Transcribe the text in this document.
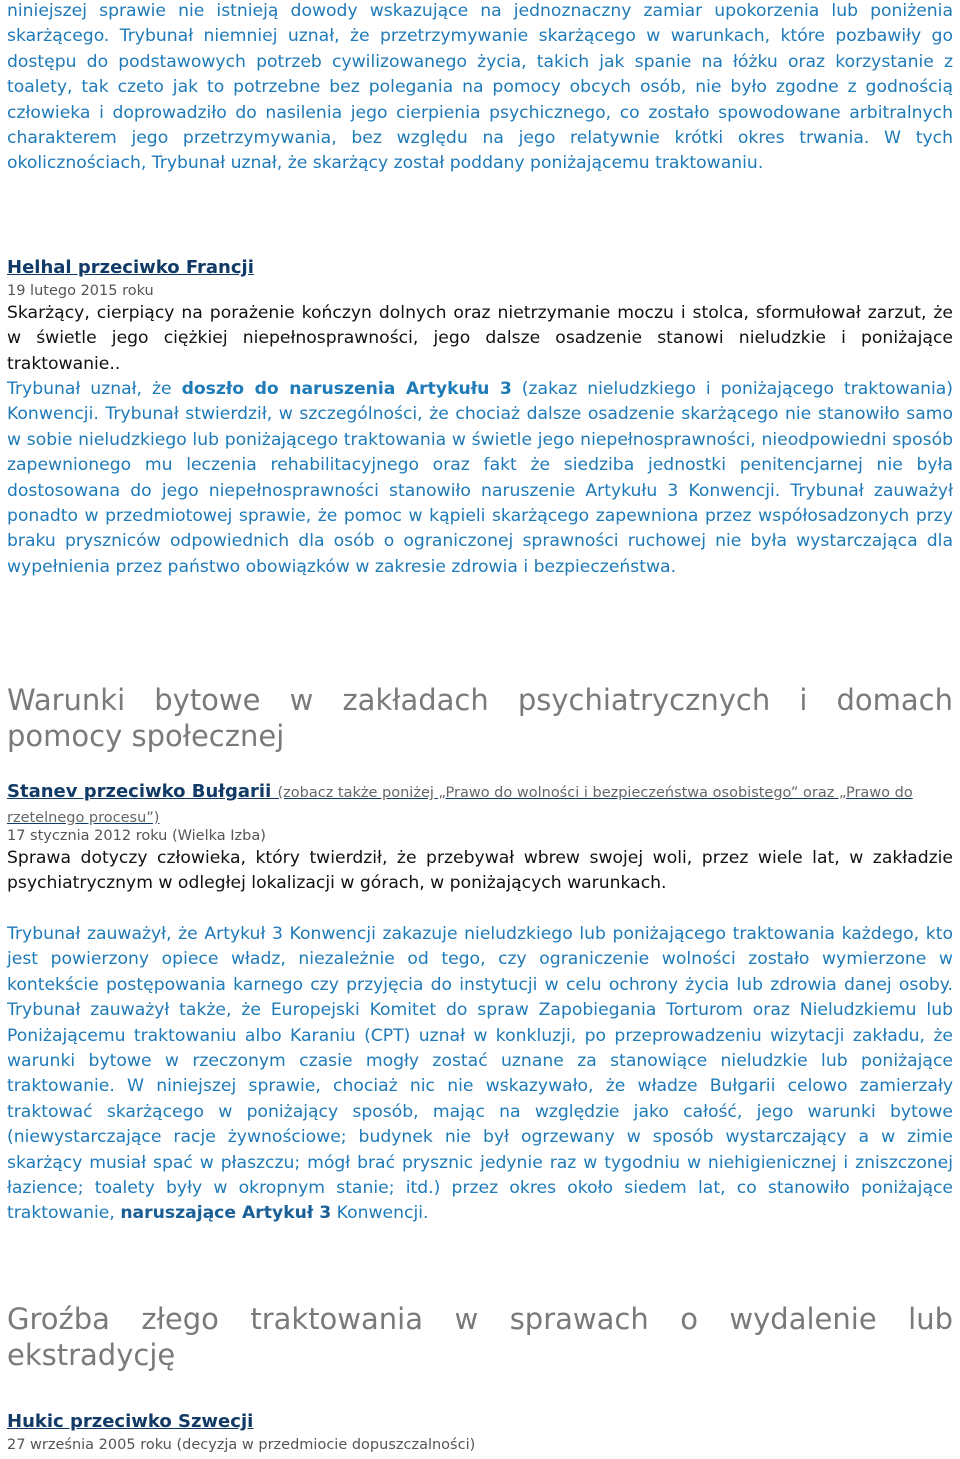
niniejszej sprawie nie istnieją dowody wskazujące na jednoznaczny zamiar upokorzenia lub poniżenia skarżącego. Trybunał niemniej uznał, że przetrzymywanie skarżącego w warunkach, które pozbawiły go dostępu do podstawowych potrzeb cywilizowanego życia, takich jak spanie na łóżku oraz korzystanie z toalety, tak czeto jak to potrzebne bez polegania na pomocy obcych osób, nie było zgodne z godnością człowieka i doprowadziło do nasilenia jego cierpienia psychicznego, co zostało spowodowane arbitralnych charakterem jego przetrzymywania, bez względu na jego relatywnie krótki okres trwania. W tych okolicznościach, Trybunał uznał, że skarżący został poddany poniżającemu traktowaniu.

Helhal przeciwko Francji

19 lutego 2015 roku

Skarżący, cierpiący na porażenie kończyn dolnych oraz nietrzymanie moczu i stolca, sformułował zarzut, że w świetle jego ciężkiej niepełnosprawności, jego dalsze osadzenie stanowi nieludzkie i poniżające traktowanie..

Trybunał uznał, że doszło do naruszenia Artykułu 3 (zakaz nieludzkiego i poniżającego traktowania) Konwencji. Trybunał stwierdził, w szczególności, że chociaż dalsze osadzenie skarżącego nie stanowiło samo w sobie nieludzkiego lub poniżającego traktowania w świetle jego niepełnosprawności, nieodpowiedni sposób zapewnionego mu leczenia rehabilitacyjnego oraz fakt że siedziba jednostki penitencjarnej nie była dostosowana do jego niepełnosprawności stanowiło naruszenie Artykułu 3 Konwencji. Trybunał zauważył ponadto w przedmiotowej sprawie, że pomoc w kąpieli skarżącego zapewniona przez współosadzonych przy braku pryszniców odpowiednich dla osób o ograniczonej sprawności ruchowej nie była wystarczająca dla wypełnienia przez państwo obowiązków w zakresie zdrowia i bezpieczeństwa.

Warunki bytowe w zakładach psychiatrycznych i domach pomocy społecznej

Stanev przeciwko Bułgarii (zobacz także poniżej „Prawo do wolności i bezpieczeństwa osobistego” oraz „Prawo do rzetelnego procesu”)

17 stycznia 2012 roku (Wielka Izba)

Sprawa dotyczy człowieka, który twierdził, że przebywał wbrew swojej woli, przez wiele lat, w zakładzie psychiatrycznym w odległej lokalizacji w górach, w poniżających warunkach.

Trybunał zauważył, że Artykuł 3 Konwencji zakazuje nieludzkiego lub poniżającego traktowania każdego, kto jest powierzony opiece władz, niezależnie od tego, czy ograniczenie wolności zostało wymierzone w kontekście postępowania karnego czy przyjęcia do instytucji w celu ochrony życia lub zdrowia danej osoby. Trybunał zauważył także, że Europejski Komitet do spraw Zapobiegania Torturom oraz Nieludzkiemu lub Poniżającemu traktowaniu albo Karaniu (CPT) uznał w konkluzji, po przeprowadzeniu wizytacji zakładu, że warunki bytowe w rzeczonym czasie mogły zostać uznane za stanowiące nieludzkie lub poniżające traktowanie. W niniejszej sprawie, chociaż nic nie wskazywało, że władze Bułgarii celowo zamierzały traktować skarżącego w poniżający sposób, mając na względzie jako całość, jego warunki bytowe (niewystarczające racje żywnościowe; budynek nie był ogrzewany w sposób wystarczający a w zimie skarżący musiał spać w płaszczu; mógł brać prysznic jedynie raz w tygodniu w niehigienicznej i zniszczonej łazience; toalety były w okropnym stanie; itd.) przez okres około siedem lat, co stanowiło poniżające traktowanie, naruszające Artykuł 3 Konwencji.

Groźba złego traktowania w sprawach o wydalenie lub ekstradycję

Hukic przeciwko Szwecji

27 września 2005 roku (decyzja w przedmiocie dopuszczalności)
